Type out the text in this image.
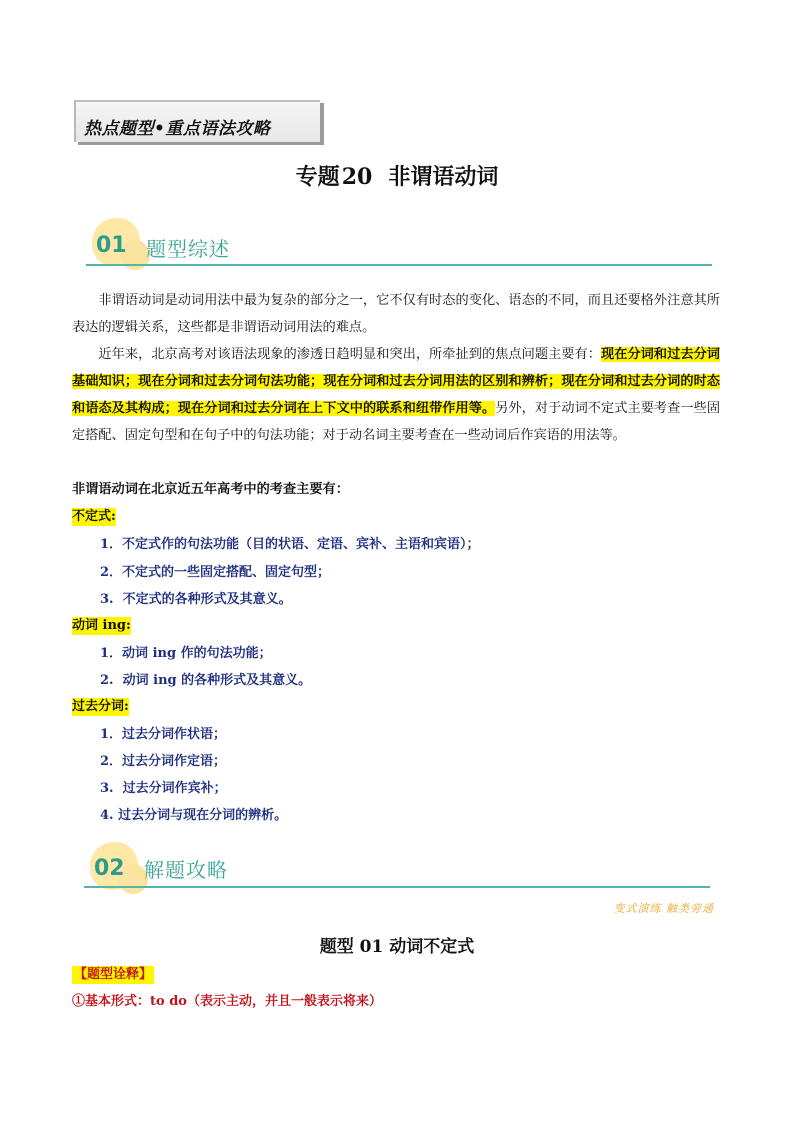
热点题型•重点语法攻略
专题20 非谓语动词
01 题型综述
非谓语动词是动词用法中最为复杂的部分之一，它不仅有时态的变化、语态的不同，而且还要格外注意其所表达的逻辑关系，这些都是非谓语动词用法的难点。
近年来，北京高考对该语法现象的渗透日趋明显和突出，所牵扯到的焦点问题主要有：现在分词和过去分词基础知识；现在分词和过去分词句法功能；现在分词和过去分词用法的区别和辨析；现在分词和过去分词的时态和语态及其构成；现在分词和过去分词在上下文中的联系和纽带作用等。另外，对于动词不定式主要考查一些固定搭配、固定句型和在句子中的句法功能；对于动名词主要考查在一些动词后作宾语的用法等。
非谓语动词在北京近五年高考中的考查主要有：
不定式:
1．不定式作的句法功能（目的状语、定语、宾补、主语和宾语）；
2．不定式的一些固定搭配、固定句型；
3.  不定式的各种形式及其意义。
动词 ing:
1．动词 ing 作的句法功能；
2.  动词 ing 的各种形式及其意义。
过去分词:
1．过去分词作状语；
2．过去分词作定语；
3.  过去分词作宾补；
4. 过去分词与现在分词的辨析。
02 解题攻略
变式演练 触类旁通
题型 01 动词不定式
【题型诠释】
①基本形式：to do（表示主动，并且一般表示将来）
